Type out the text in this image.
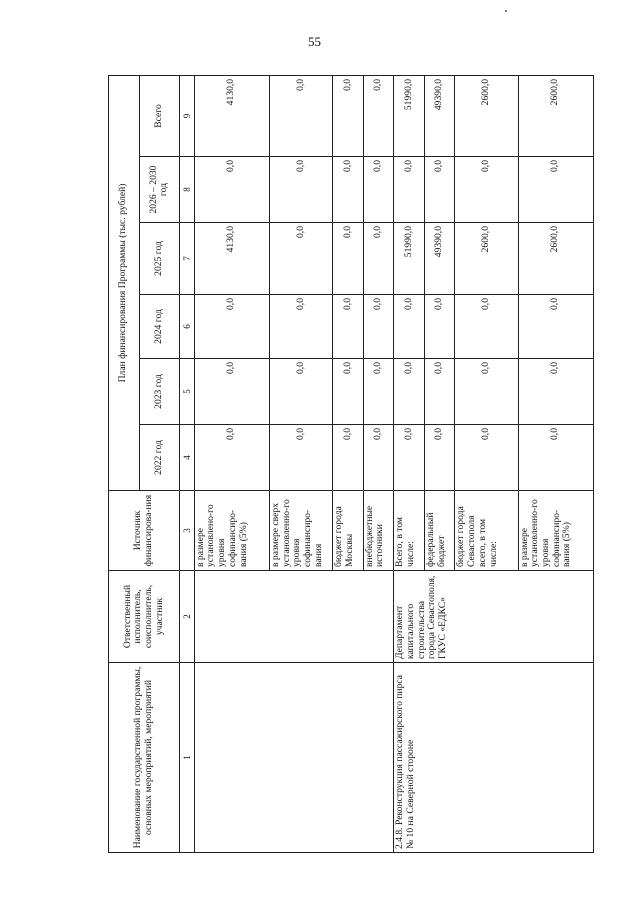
55
Наименование государственной программы, основных мероприятий, мероприятий	Ответственный исполнитель, соисполнитель, участник	Источник финансирова-ния	План финансирования Программы (тыс. рублей)					
			2022 год	2023 год	2024 год	2025 год	2026 – 2030 год	Всего
1	2	3	4	5	6	7	8	9
		в размере установлено-го уровня софинансиро-вания (5%)	0,0	0,0	0,0	4130,0	0,0	4130,0
		в размере сверх установленно-го уровня софинансиро-вания	0,0	0,0	0,0	0,0	0,0	0,0
		бюджет города Москвы	0,0	0,0	0,0	0,0	0,0	0,0
		внебюджетные источники	0,0	0,0	0,0	0,0	0,0	0,0
2.4.8. Реконструкция пассажирского пирса № 10 на Северной стороне	Департамент капитального строительства города Севастополя, ГКУС «ЕДКС»	Всего, в том числе:	0,0	0,0	0,0	51990,0	0,0	51990,0
		федеральный бюджет	0,0	0,0	0,0	49390,0	0,0	49390,0
		бюджет города Севастополя всего, в том числе:	0,0	0,0	0,0	2600,0	0,0	2600,0
		в размере установленно-го уровня софинансиро-вания (5%)	0,0	0,0	0,0	2600,0	0,0	2600,0
